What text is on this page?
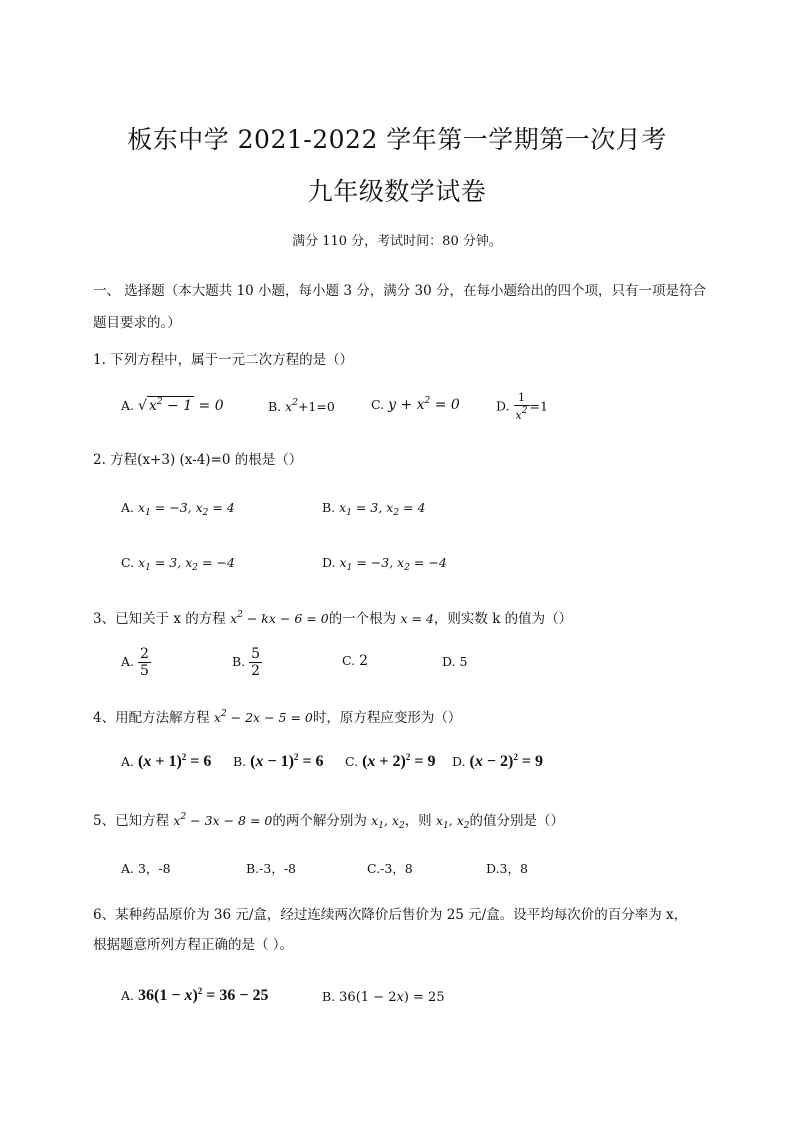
板东中学 2021-2022 学年第一学期第一次月考
九年级数学试卷
满分 110 分，考试时间：80 分钟。
一、 选择题（本大题共 10 小题，每小题 3 分，满分 30 分，在每小题给出的四个项，只有一项是符合题目要求的。）
1. 下列方程中，属于一元二次方程的是（）
A. √ $x^2 - 1 = 0$	B. $x^2+1=0$	C. $y + x^2 = 0$	D. $\frac{1}{x^2} =1$
2. 方程(x+3) (x-4)=0 的根是（）
A. $x_1 = -3$, $x_2 = 4$	B. $x_1 = 3$, $x_2 = 4$
C. $x_1 = 3$, $x_2 = -4$	D. $x_1 = -3$, $x_2 = -4$
3、已知关于 x 的方程 $x^2$ − kx − 6 = 0的一个根为 x = 4，则实数 k 的值为（）
A. $\frac{2}{5}$	B. $\frac{5}{2}$	C. 2	D. 5
4、用配方法解方程 $x^2 - 2x - 5 = 0$时，原方程应变形为（）
A. $(x + 1)^2 = 6$ B. $(x - 1)^2 = 6$ C. $(x + 2)^2 = 9$ D. $(x - 2)^2 = 9$
5、已知方程 $x^2 - 3x - 8 = 0$的两个解分别为 $x_1$, $x_2$，则 $x_1$, $x_2$的值分别是（）
A. 3，-8	B.-3，-8	C.-3，8	D.3，8
6、某种药品原价为 36 元/盒，经过连续两次降价后售价为 25 元/盒。设平均每次价的百分率为 x，
根据题意所列方程正确的是（ ）。
A. $36(1 - x)^2 = 36 - 25$	B. 36(1 − 2x) = 25
